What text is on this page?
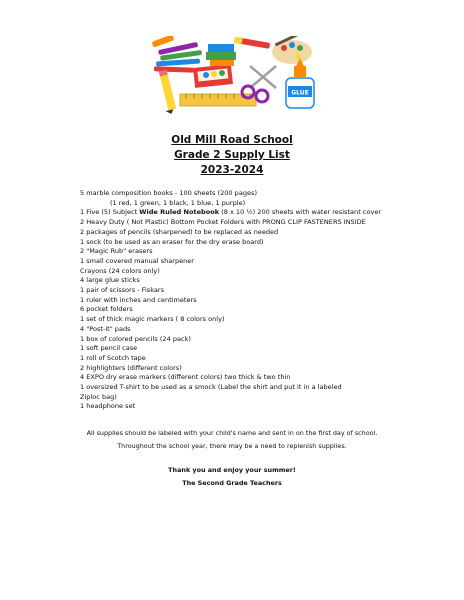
GLUE
Old Mill Road School
Grade 2 Supply List
2023-2024
5 marble composition books - 100 sheets (200 pages)
(1 red, 1 green, 1 black, 1 blue, 1 purple)
1 Five (5) Subject Wide Ruled Notebook (8 x 10 ½) 200 sheets with water resistant cover
2 Heavy Duty ( Not Plastic) Bottom Pocket Folders with PRONG CLIP FASTENERS INSIDE
2 packages of pencils (sharpened) to be replaced as needed
1 sock (to be used as an eraser for the dry erase board)
2 "Magic Rub" erasers
1 small covered manual sharpener
Crayons (24 colors only)
4 large glue sticks
1 pair of scissors - Fiskars
1 ruler with inches and centimeters
6 pocket folders
1 set of thick magic markers ( 8 colors only)
4 "Post-it" pads
1 box of colored pencils (24 pack)
1 soft pencil case
1 roll of Scotch tape
2 highlighters (different colors)
4 EXPO dry erase markers (different colors) two thick & two thin
1 oversized T-shirt to be used as a smock (Label the shirt and put it in a labeled
Ziploc bag)
1 headphone set
All supplies should be labeled with your child's name and sent in on the first day of school.
Throughout the school year, there may be a need to replenish supplies.
Thank you and enjoy your summer!
The Second Grade Teachers
